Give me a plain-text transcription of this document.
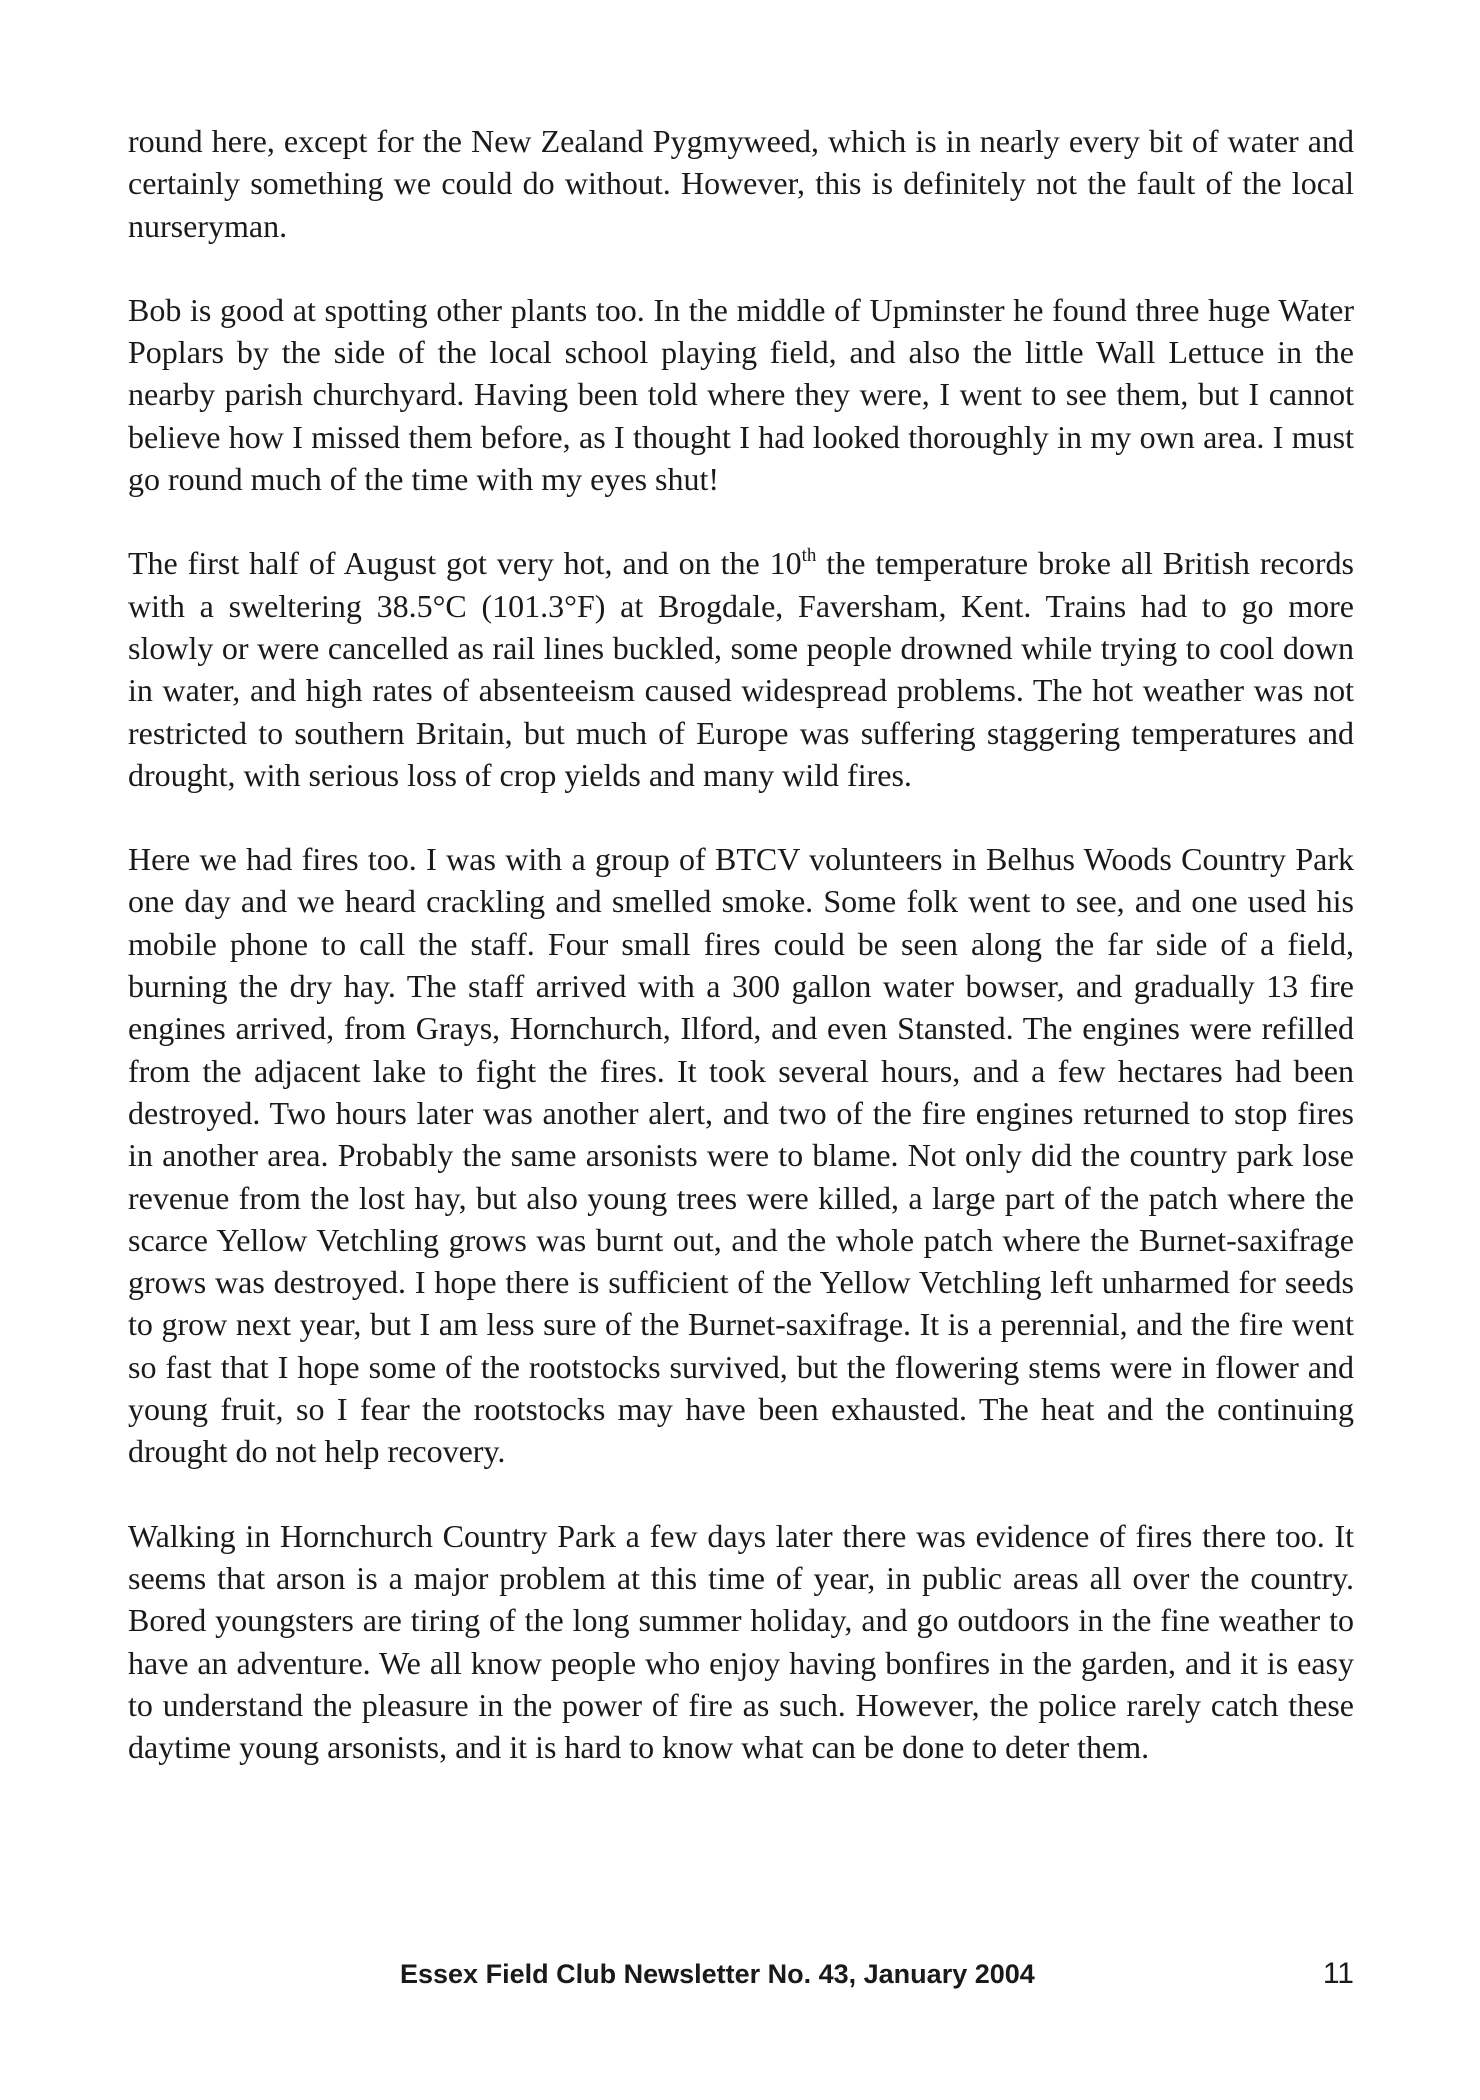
round here, except for the New Zealand Pygmyweed, which is in nearly every bit of water and certainly something we could do without. However, this is definitely not the fault of the local nurseryman.

Bob is good at spotting other plants too. In the middle of Upminster he found three huge Water Poplars by the side of the local school playing field, and also the little Wall Lettuce in the nearby parish churchyard. Having been told where they were, I went to see them, but I cannot believe how I missed them before, as I thought I had looked thoroughly in my own area. I must go round much of the time with my eyes shut!

The first half of August got very hot, and on the 10th the temperature broke all British records with a sweltering 38.5°C (101.3°F) at Brogdale, Faversham, Kent. Trains had to go more slowly or were cancelled as rail lines buckled, some people drowned while trying to cool down in water, and high rates of absenteeism caused widespread problems. The hot weather was not restricted to southern Britain, but much of Europe was suffering staggering temperatures and drought, with serious loss of crop yields and many wild fires.

Here we had fires too. I was with a group of BTCV volunteers in Belhus Woods Country Park one day and we heard crackling and smelled smoke. Some folk went to see, and one used his mobile phone to call the staff. Four small fires could be seen along the far side of a field, burning the dry hay. The staff arrived with a 300 gallon water bowser, and gradually 13 fire engines arrived, from Grays, Hornchurch, Ilford, and even Stansted. The engines were refilled from the adjacent lake to fight the fires. It took several hours, and a few hectares had been destroyed. Two hours later was another alert, and two of the fire engines returned to stop fires in another area. Probably the same arsonists were to blame. Not only did the country park lose revenue from the lost hay, but also young trees were killed, a large part of the patch where the scarce Yellow Vetchling grows was burnt out, and the whole patch where the Burnet-saxifrage grows was destroyed. I hope there is sufficient of the Yellow Vetchling left unharmed for seeds to grow next year, but I am less sure of the Burnet-saxifrage. It is a perennial, and the fire went so fast that I hope some of the rootstocks survived, but the flowering stems were in flower and young fruit, so I fear the rootstocks may have been exhausted. The heat and the continuing drought do not help recovery.

Walking in Hornchurch Country Park a few days later there was evidence of fires there too. It seems that arson is a major problem at this time of year, in public areas all over the country. Bored youngsters are tiring of the long summer holiday, and go outdoors in the fine weather to have an adventure. We all know people who enjoy having bonfires in the garden, and it is easy to understand the pleasure in the power of fire as such. However, the police rarely catch these daytime young arsonists, and it is hard to know what can be done to deter them.

Essex Field Club Newsletter No. 43, January 2004	11
